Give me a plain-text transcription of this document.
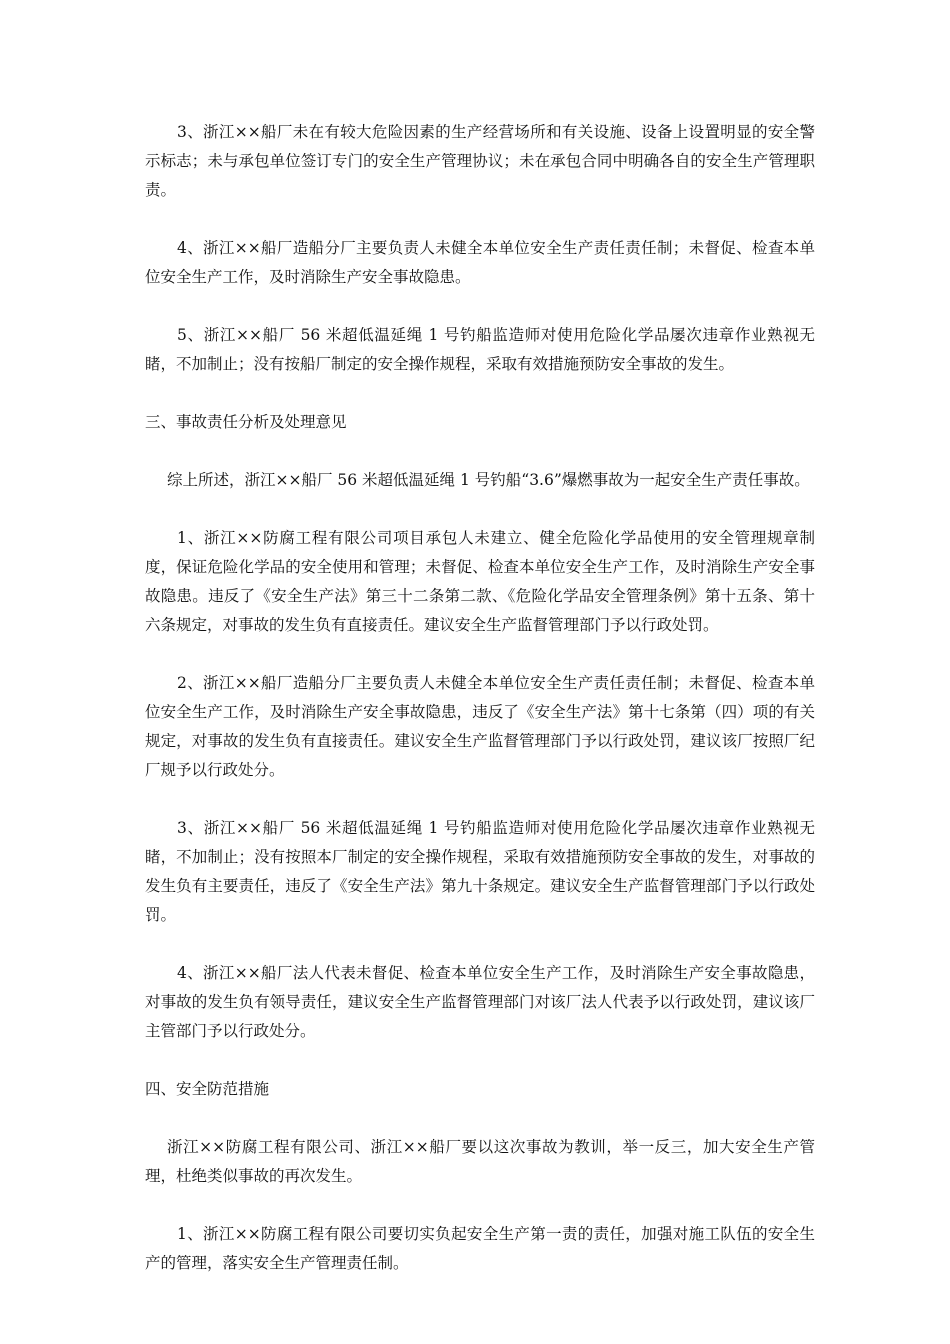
3、浙江××船厂未在有较大危险因素的生产经营场所和有关设施、设备上设置明显的安全警示标志；未与承包单位签订专门的安全生产管理协议；未在承包合同中明确各自的安全生产管理职责。

4、浙江××船厂造船分厂主要负责人未健全本单位安全生产责任责任制；未督促、检查本单位安全生产工作，及时消除生产安全事故隐患。

5、浙江××船厂 56 米超低温延绳 1 号钓船监造师对使用危险化学品屡次违章作业熟视无睹，不加制止；没有按船厂制定的安全操作规程，采取有效措施预防安全事故的发生。

三、事故责任分析及处理意见

综上所述，浙江××船厂 56 米超低温延绳 1 号钓船“3.6”爆燃事故为一起安全生产责任事故。

1、浙江××防腐工程有限公司项目承包人未建立、健全危险化学品使用的安全管理规章制度，保证危险化学品的安全使用和管理；未督促、检查本单位安全生产工作，及时消除生产安全事故隐患。违反了《安全生产法》第三十二条第二款、《危险化学品安全管理条例》第十五条、第十六条规定，对事故的发生负有直接责任。建议安全生产监督管理部门予以行政处罚。

2、浙江××船厂造船分厂主要负责人未健全本单位安全生产责任责任制；未督促、检查本单位安全生产工作，及时消除生产安全事故隐患，违反了《安全生产法》第十七条第（四）项的有关规定，对事故的发生负有直接责任。建议安全生产监督管理部门予以行政处罚，建议该厂按照厂纪厂规予以行政处分。

3、浙江××船厂 56 米超低温延绳 1 号钓船监造师对使用危险化学品屡次违章作业熟视无睹，不加制止；没有按照本厂制定的安全操作规程，采取有效措施预防安全事故的发生，对事故的发生负有主要责任，违反了《安全生产法》第九十条规定。建议安全生产监督管理部门予以行政处罚。

4、浙江××船厂法人代表未督促、检查本单位安全生产工作，及时消除生产安全事故隐患，对事故的发生负有领导责任，建议安全生产监督管理部门对该厂法人代表予以行政处罚，建议该厂主管部门予以行政处分。

四、安全防范措施

浙江××防腐工程有限公司、浙江××船厂要以这次事故为教训，举一反三，加大安全生产管理，杜绝类似事故的再次发生。

1、浙江××防腐工程有限公司要切实负起安全生产第一责的责任，加强对施工队伍的安全生产的管理，落实安全生产管理责任制。
